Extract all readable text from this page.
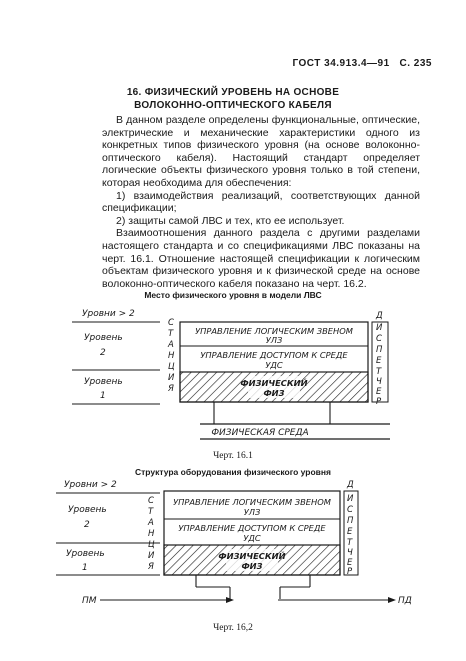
ГОСТ 34.913.4—91 С. 235
16. ФИЗИЧЕСКИЙ УРОВЕНЬ НА ОСНОВЕ
ВОЛОКОННО-ОПТИЧЕСКОГО КАБЕЛЯ

В данном разделе определены функциональные, оптические, электрические и механические характеристики одного из конкретных типов физического уровня (на основе волоконно-оптического кабеля). Настоящий стандарт определяет логические объекты физического уровня только в той степени, которая необходима для обеспечения:

1) взаимодействия реализаций, соответствующих данной спецификации;

2) защиты самой ЛВС и тех, кто ее использует.

Взаимоотношения данного раздела с другими разделами настоящего стандарта и со спецификациями ЛВС показаны на черт. 16.1. Отношение настоящей спецификации к логическим объектам физического уровня и к физической среде на основе волоконно-оптического кабеля показано на черт. 16.2.

Место физического уровня в модели ЛВС
Уровни > 2
Уровень
2
Уровень
1
С
Т
А
Н
Ц
И
Я
УПРАВЛЕНИЕ ЛОГИЧЕСКИМ ЗВЕНОМ
УЛЗ
УПРАВЛЕНИЕ ДОСТУПОМ К СРЕДЕ
УДС
ФИЗИЧЕСКИЙ
ФИЗ
Д
И
С
П
Е
Т
Ч
Е
Р
ФИЗИЧЕСКАЯ СРЕДА
Черт. 16.1
Структура оборудования физического уровня
Уровни > 2
Уровень
2
Уровень
1
С
Т
А
Н
Ц
И
Я
УПРАВЛЕНИЕ ЛОГИЧЕСКИМ ЗВЕНОМ
УЛЗ
УПРАВЛЕНИЕ ДОСТУПОМ К СРЕДЕ
УДС
ФИЗИЧЕСКИЙ
ФИЗ
Д
И
С
П
Е
Т
Ч
Е
Р
ПМ	ПД
Черт. 16,2
